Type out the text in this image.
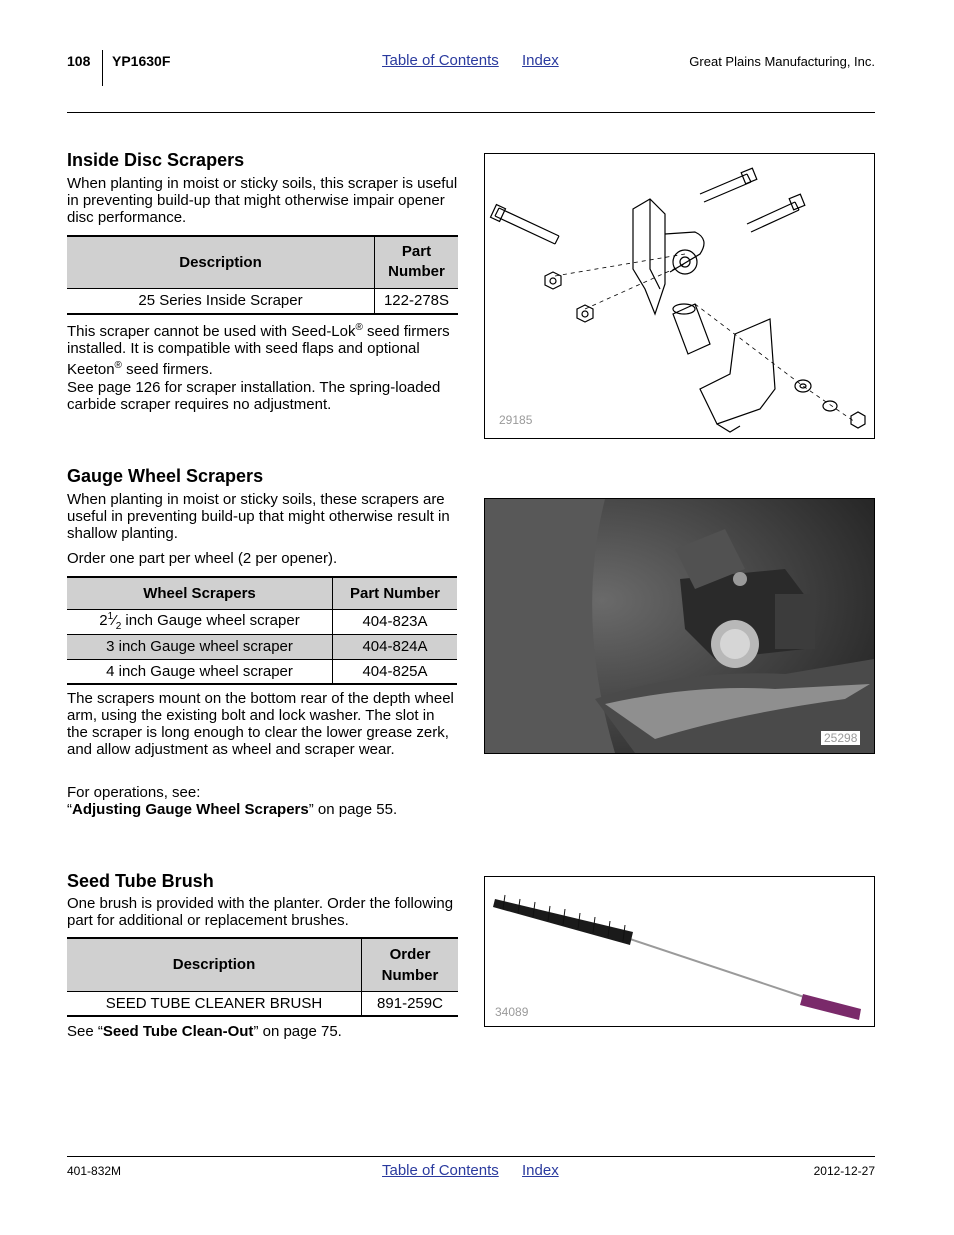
108 YP1630F	Table of Contents Index	Great Plains Manufacturing, Inc.
Inside Disc Scrapers
When planting in moist or sticky soils, this scraper is useful in preventing build-up that might otherwise impair opener disc performance.
Description	Part
Number
25 Series Inside Scraper	122-278S
This scraper cannot be used with Seed-Lok® seed firmers installed. It is compatible with seed flaps and optional Keeton® seed firmers.
See page 126 for scraper installation. The spring-loaded carbide scraper requires no adjustment.
29185
Gauge Wheel Scrapers
When planting in moist or sticky soils, these scrapers are useful in preventing build-up that might otherwise result in shallow planting.
Order one part per wheel (2 per opener).
Wheel Scrapers	Part Number
$2^1⁄_2$ inch Gauge wheel scraper	404-823A
3 inch Gauge wheel scraper	404-824A
4 inch Gauge wheel scraper	404-825A
The scrapers mount on the bottom rear of the depth wheel arm, using the existing bolt and lock washer. The slot in the scraper is long enough to clear the lower grease zerk, and allow adjustment as wheel and scraper wear.
For operations, see:
“Adjusting Gauge Wheel Scrapers” on page 55.
25298
Seed Tube Brush
One brush is provided with the planter. Order the following part for additional or replacement brushes.
Description	Order
Number
SEED TUBE CLEANER BRUSH	891-259C
See “Seed Tube Clean-Out” on page 75.
34089
401-832M	Table of Contents Index	2012-12-27
